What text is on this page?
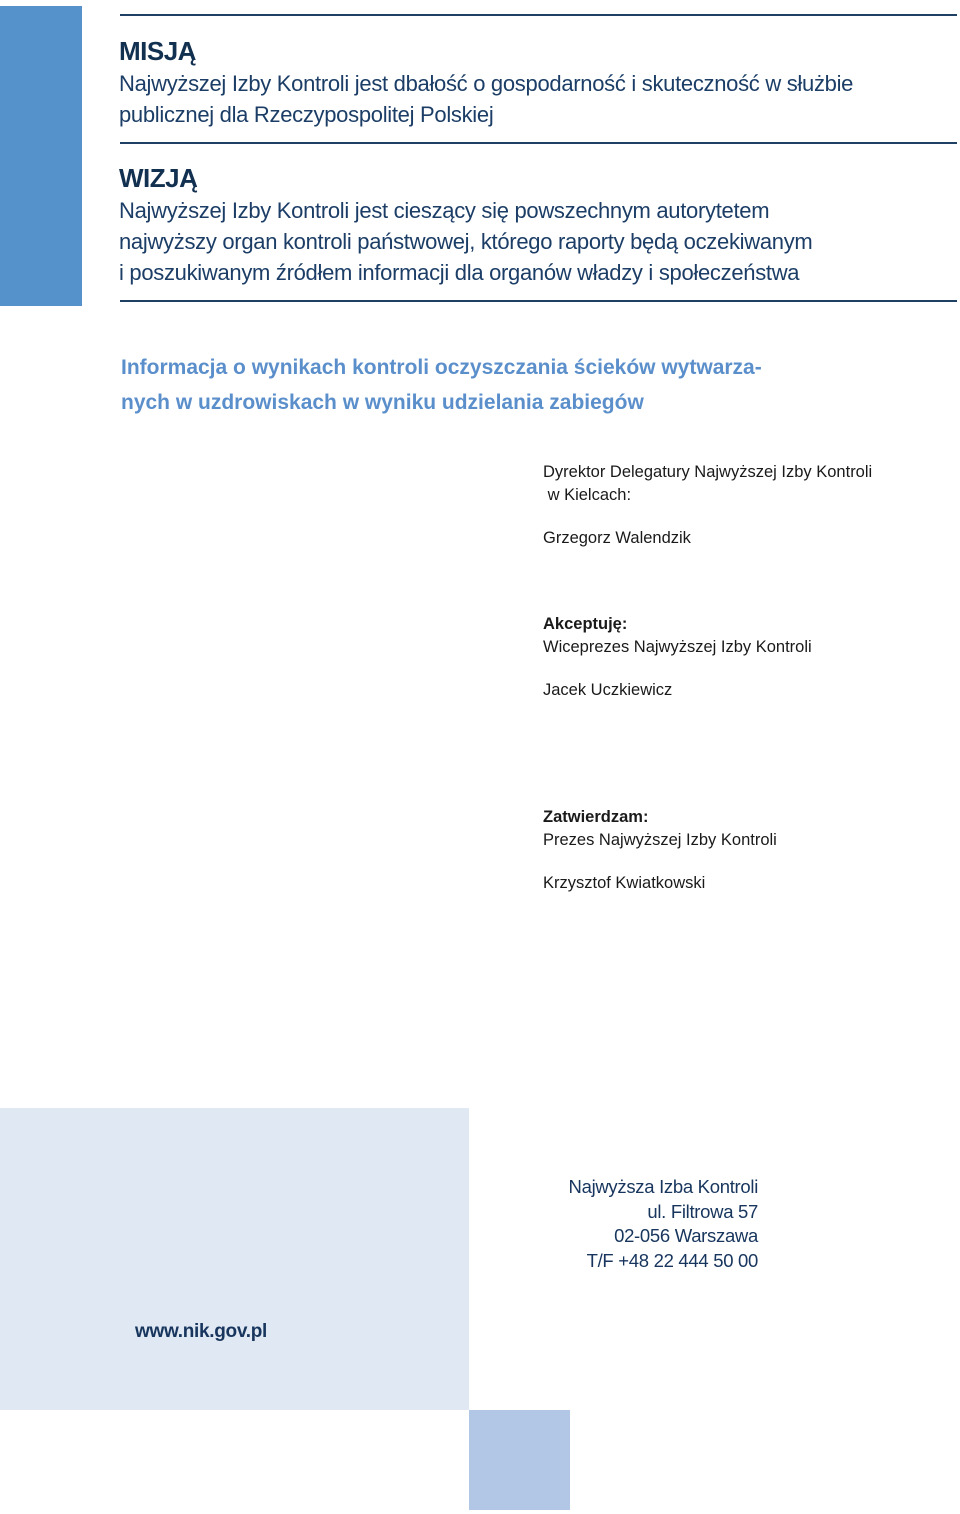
MISJĄ
Najwyższej Izby Kontroli jest dbałość o gospodarność i skuteczność w służbie
publicznej dla Rzeczypospolitej Polskiej
WIZJĄ
Najwyższej Izby Kontroli jest cieszący się powszechnym autorytetem
najwyższy organ kontroli państwowej, którego raporty będą oczekiwanym
i poszukiwanym źródłem informacji dla organów władzy i społeczeństwa
Informacja o wynikach kontroli oczyszczania ścieków wytwarza-
nych w uzdrowiskach w wyniku udzielania zabiegów
Dyrektor Delegatury Najwyższej Izby Kontroli
w Kielcach:
Grzegorz Walendzik
Akceptuję:
Wiceprezes Najwyższej Izby Kontroli
Jacek Uczkiewicz
Zatwierdzam:
Prezes Najwyższej Izby Kontroli
Krzysztof Kwiatkowski
Najwyższa Izba Kontroli
ul. Filtrowa 57
02-056 Warszawa
T/F +48 22 444 50 00
www.nik.gov.pl
